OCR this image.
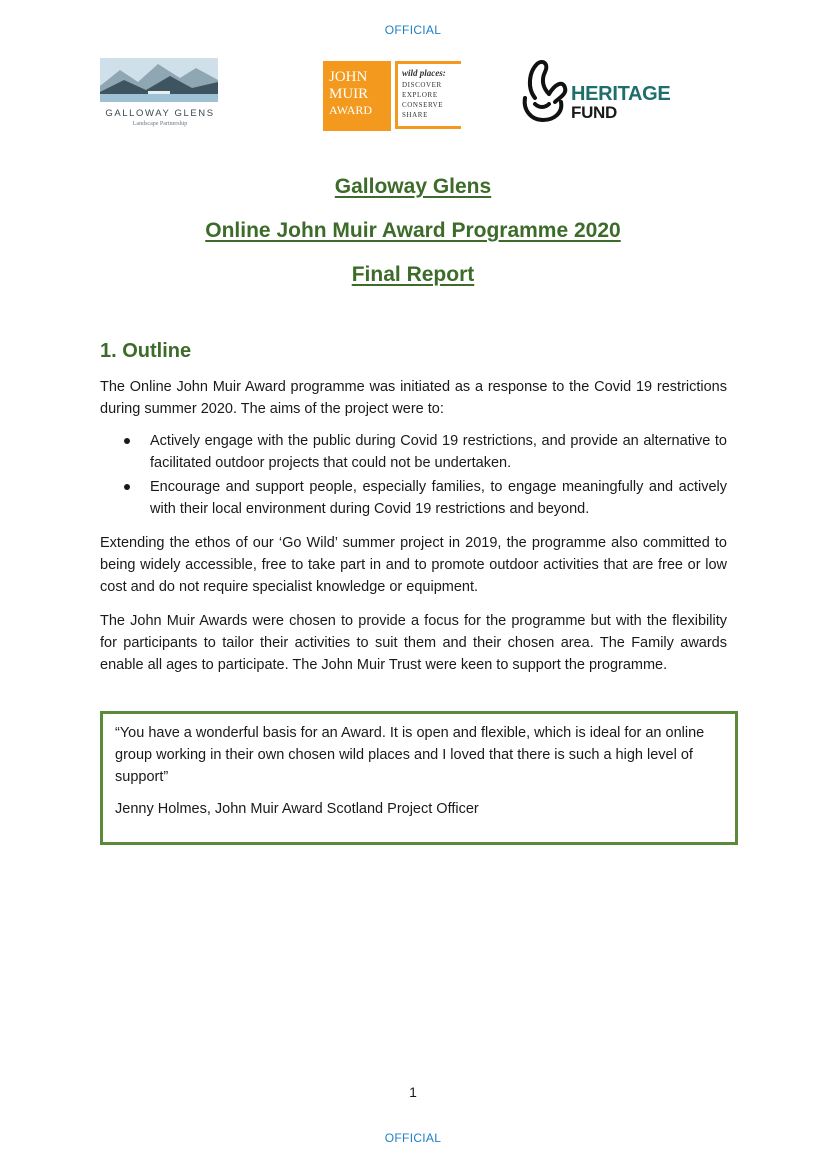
OFFICIAL
GALLOWAY GLENS
Landscape Partnership
JOHN
MUIR
AWARD
wild places:
DISCOVER
EXPLORE
CONSERVE
SHARE
HERITAGE
FUND
Galloway Glens
Online John Muir Award Programme 2020
Final Report
1. Outline

The Online John Muir Award programme was initiated as a response to the Covid 19 restrictions during summer 2020. The aims of the project were to:

Actively engage with the public during Covid 19 restrictions, and provide an alternative to facilitated outdoor projects that could not be undertaken.
Encourage and support people, especially families, to engage meaningfully and actively with their local environment during Covid 19 restrictions and beyond.

Extending the ethos of our ‘Go Wild’ summer project in 2019, the programme also committed to being widely accessible, free to take part in and to promote outdoor activities that are free or low cost and do not require specialist knowledge or equipment.

The John Muir Awards were chosen to provide a focus for the programme but with the flexibility for participants to tailor their activities to suit them and their chosen area. The Family awards enable all ages to participate. The John Muir Trust were keen to support the programme.

“You have a wonderful basis for an Award. It is open and flexible, which is ideal for an online group working in their own chosen wild places and I loved that there is such a high level of support”

Jenny Holmes, John Muir Award Scotland Project Officer

1
OFFICIAL
